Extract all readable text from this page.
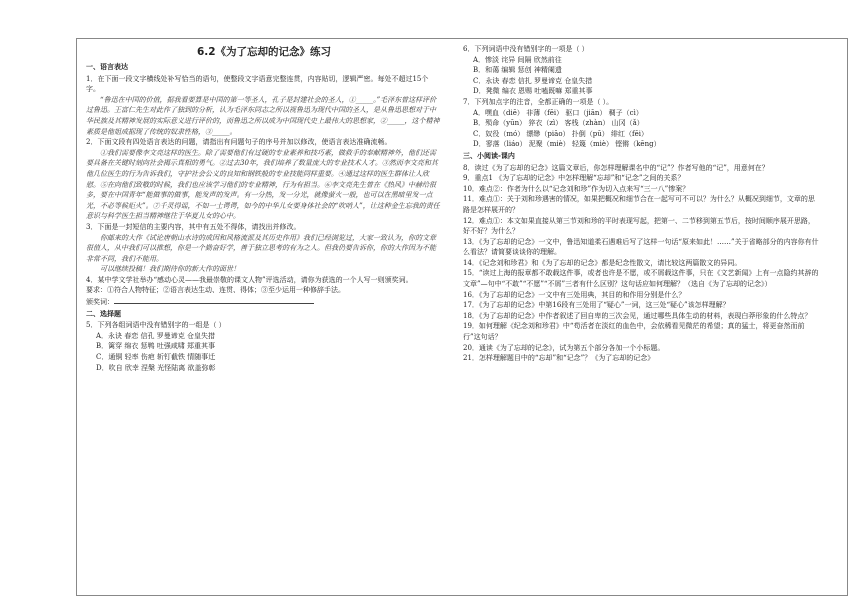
6.2《为了忘却的记念》练习
一、语言表达

1．在下面一段文字横线处补写恰当的语句，使整段文字语意完整连贯，内容贴切，逻辑严密。每处不超过15个字。

“鲁迅在中国的价值，据我看要算是中国的第一等圣人，孔子是封建社会的圣人，①_____。”毛泽东曾这样评价过鲁迅。王富仁先生对此作了独到的分析，认为毛泽东同志之所以视鲁迅为现代中国的圣人，是从鲁迅思想对于中华民族及其精神发展的实际意义进行评价的，而鲁迅之所以成为中国现代史上最伟大的思想家，②_____，这个精神素质是他姐成据现了传统的奴隶性格，③_____。

2．下面文段有四处语言表达的问题，请指出有问题句子的序号并加以修改，使语言表达准确流畅。

①我们需要像李文亮这样的医生。除了需要他们有过硬的专业素养和技巧素，做救手的奉献精神外，他们还需要具备在关键时刻向社会揭示真相的勇气。②过去30年，我们培养了数量庞大的专业技术人才。③然而李文亮和其他几位医生的行为告诉我们，守护社会公义的良知和钢铁般的专业技能同样重要。④通过这样的医生群体让人欣慰。⑤在向他们致敬的时候，我们也应该学习他们的专业精神，行为有担当。⑥李文亮先生曾在《热风》中赫给很多，要在中国青年“能做事的做事，能发声的发声。有一分热，发一分光，就像萤火一般，也可以在黑暗里发一点光，不必等候炬火”。⑦千灵得谣，不如一士谔谔，如今的中华儿女要身体社会的“吹哨人”，让这种金生忘我的责任意识与科学医生担当精神继往于华夏儿女的心中。

3．下面是一封短信的主要内容，其中有五处不得体，请找出并修改。

你邮来的大作《试论唐朝山水诗的成因和风格流派及其历史作用》我们已经浏览过，大家一致认为，你的文章很值人，从中我们可以推想，你是一个勤奋好学，善于独立思考的有为之人。但我仍要告诉你，你的大作因为不能非常不同，我们不能用。

可以继续投稿！我们期待你的新大作的面世！

4．某中学文学社举办“感动心灵——我最崇敬的课文人物”评选活动，请你为获选的一个人写一则颁奖词。

要求：①符合人物特征；②语言表达生动、连贯、得体；③至少运用一种修辞手法。

颁奖词：

二、选择题

5．下列各组词语中没有错别字的一组是（ ）

A．永诀 春恋 信孔 罗曼谛克 仓皇失措

B．篱穿 绵衣 惩鸭 吐强咸啸 郑重其事

C．通铜 轻率 伤疤 斩钉截铁 情随事迁

D．吹自 欣幸 涅槃 光怪陆离 欲盖弥彰

6．下列词语中没有错别字的一项是（ ）

A．惨淡 诧异 间隔 欣然前往

B．和蔼 编辑 惩创 神精阑遗

C．永诀 春恋 信扎 罗曼谛克 仓皇失措

D．凳微 编衣 恩赐 吐嗑既嘛 郑重其事

7．下列加点字的注音，全都正确的一项是（ ）。

A．嘿血（diē） 非薄（fēi） 驱口（jiān） 稠子（cì）

B．殒命（yūn） 猝衣（zì） 客栈（zhàn） 山冈（ǎ）

C．奴役（mó） 缥缈（piāo） 扑倒（pū） 绯红（fēi）

D．寥落（liáo） 泥聚（miè） 轻篾（miè） 铿锵（kēng）

三、小阅读-课内

8．读过《为了忘却的记念》这篇文章后，你怎样理解课名中的“记”？作者写他的“记”，用意何在？

9．重点1 《为了忘却的记念》中怎样理解“忘却”和“记念”之间的关系？

10．难点②：作者为什么以“记念刘和珍”作为切入点来写“三一八”惨案？

11．难点①：关于刘和珍遇害的情况，如果把概况和细节合在一起写可不可以？为什么？从概况到细节，文章的思路是怎样展开的？

12．难点①：本文如果直接从第三节刘和珍的平时表现写起，把第一、二节移到第五节后，按时间顺序展开思路，好不好？为什么？

13．《为了忘却的记念》一文中，鲁迅知道柔石遇难后写了这样一句话“原来如此！……”关于省略部分的内容你有什么看法？请简要谈谈你的理解。

14．《记念刘和珍君》和《为了忘却的记念》都是纪念性散文，请比较这两篇散文的异同。

15．“读过上海的报章都不敢载这件事，或者也许是不愿，或不屑载这件事，只在《文艺新闻》上有一点隐约其辞的文章”—句中“不敢”“不愿”“不屑”三者有什么区别？这句话应如何理解？（选自《为了忘却的记念》）

16．《为了忘却的记念》一文中有三处用典，其目的和作用分别是什么？

17．《为了忘却的记念》中第16段有三处用了“疑心”一词，这三处“疑心”该怎样理解？

18．《为了忘却的记念》中作者叙述了回自卑的三次会见，通过哪些具体生动的材料，表现白莽形象的什么特点？

19．如何理解《纪念刘和珍君》中“苟活者在淡红的血色中，会依稀看见微茫的希望；真的猛士，将更奋然而前行”这句话？

20．通读《为了忘却的记念》，试为第五个部分各加一个小标题。

21．怎样理解题目中的“忘却”和“记念”？《为了忘却的记念》
